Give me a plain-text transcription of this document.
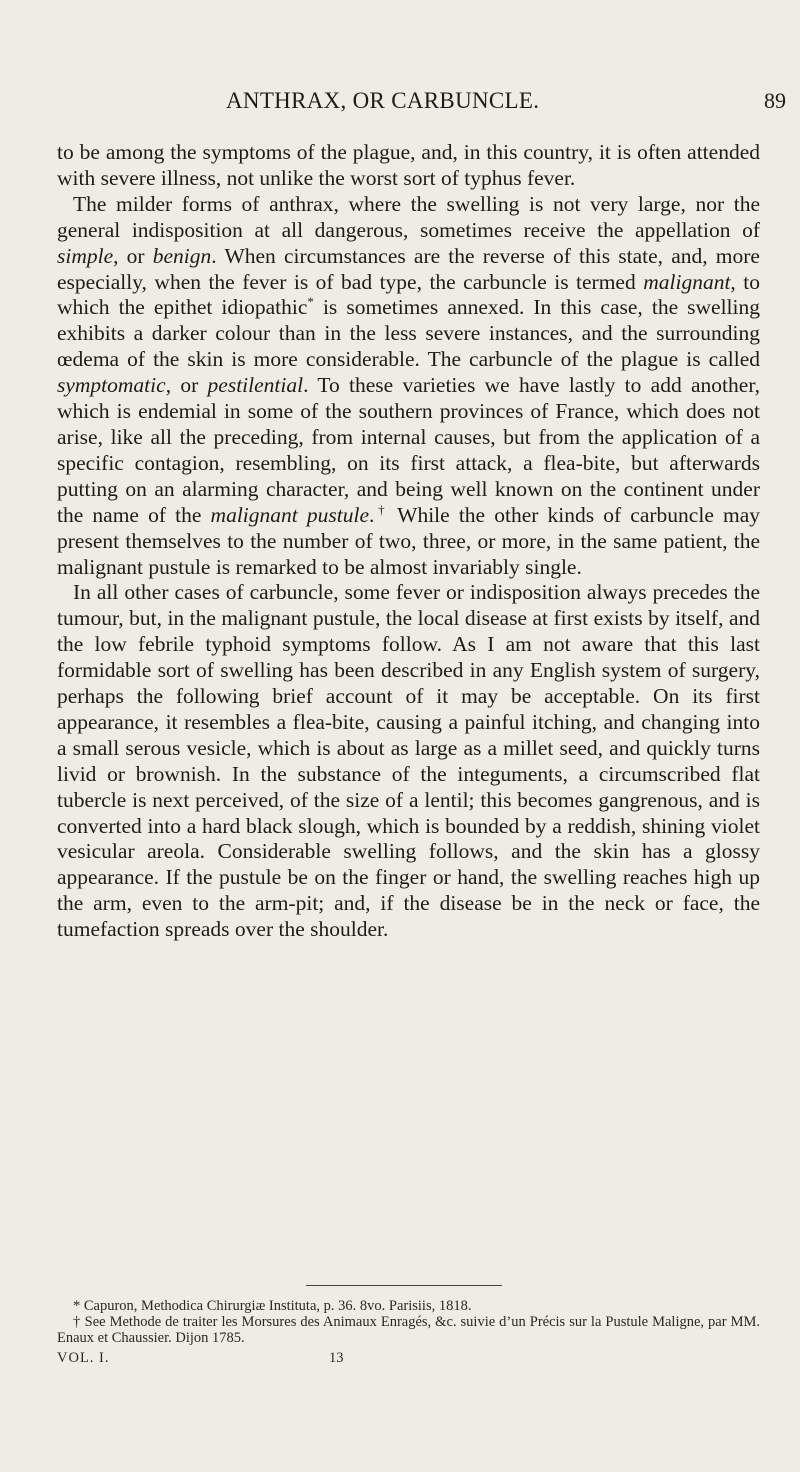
ANTHRAX, OR CARBUNCLE.	89

to be among the symptoms of the plague, and, in this country, it is often attended with severe illness, not unlike the worst sort of typhus fever.

The milder forms of anthrax, where the swelling is not very large, nor the general indisposition at all dangerous, sometimes receive the appellation of simple, or benign. When circumstances are the reverse of this state, and, more especially, when the fever is of bad type, the carbuncle is termed malignant, to which the epithet idiopathic* is sometimes annexed. In this case, the swelling exhibits a darker colour than in the less severe instances, and the surrounding œdema of the skin is more considerable. The carbuncle of the plague is called symptomatic, or pestilential. To these varieties we have lastly to add another, which is endemial in some of the southern provinces of France, which does not arise, like all the preceding, from internal causes, but from the application of a specific contagion, resembling, on its first attack, a flea-bite, but afterwards putting on an alarming character, and being well known on the continent under the name of the malignant pustule.† While the other kinds of carbuncle may present themselves to the number of two, three, or more, in the same patient, the malignant pustule is remarked to be almost invariably single.

In all other cases of carbuncle, some fever or indisposition always precedes the tumour, but, in the malignant pustule, the local disease at first exists by itself, and the low febrile typhoid symptoms follow. As I am not aware that this last formidable sort of swelling has been described in any English system of surgery, perhaps the following brief account of it may be acceptable. On its first appearance, it resembles a flea-bite, causing a painful itching, and changing into a small serous vesicle, which is about as large as a millet seed, and quickly turns livid or brownish. In the substance of the integuments, a circumscribed flat tubercle is next perceived, of the size of a lentil; this becomes gangrenous, and is converted into a hard black slough, which is bounded by a reddish, shining violet vesicular areola. Considerable swelling follows, and the skin has a glossy appearance. If the pustule be on the finger or hand, the swelling reaches high up the arm, even to the arm-pit; and, if the disease be in the neck or face, the tumefaction spreads over the shoulder.

* Capuron, Methodica Chirurgiæ Instituta, p. 36. 8vo. Parisiis, 1818.

† See Methode de traiter les Morsures des Animaux Enragés, &c. suivie d’un Précis sur la Pustule Maligne, par MM. Enaux et Chaussier. Dijon 1785.

VOL. I.	13
